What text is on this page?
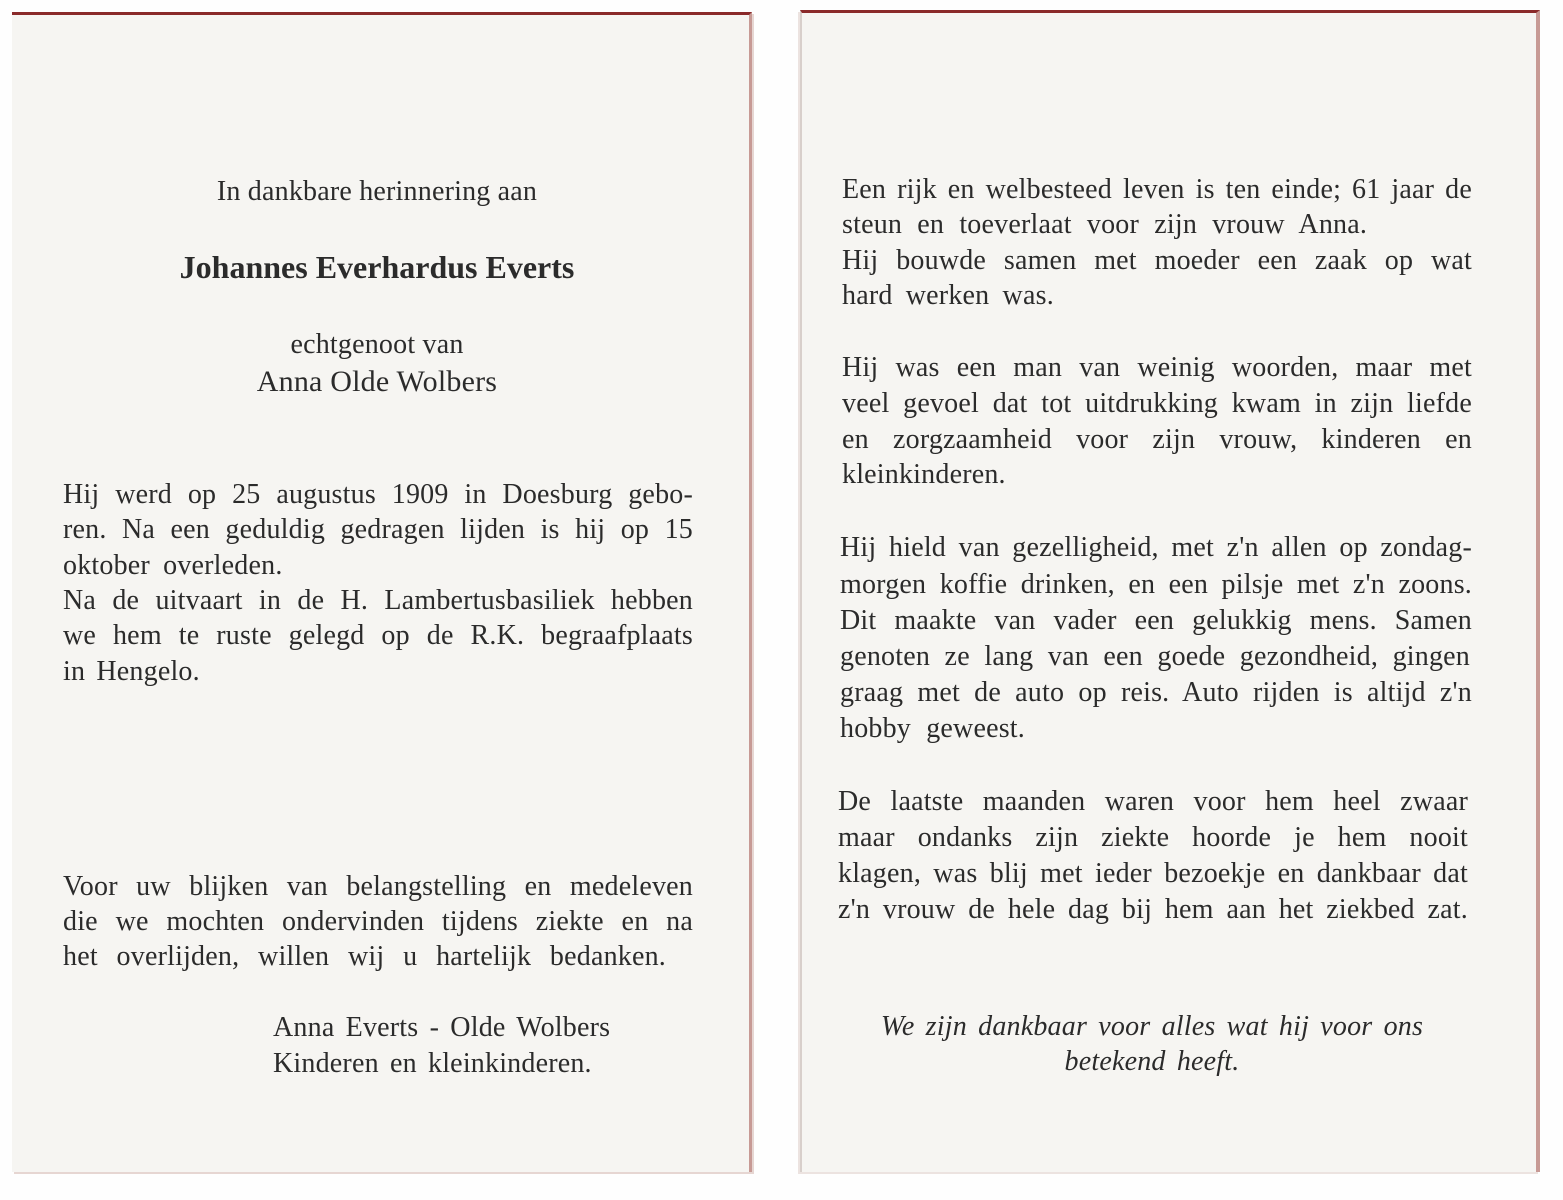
In dankbare herinnering aan
Johannes Everhardus Everts
echtgenoot van
Anna Olde Wolbers
Hij werd op 25 augustus 1909 in Doesburg gebo-
ren. Na een geduldig gedragen lijden is hij op 15
oktober overleden.
Na de uitvaart in de H. Lambertusbasiliek hebben
we hem te ruste gelegd op de R.K. begraafplaats
in Hengelo.
Voor uw blijken van belangstelling en medeleven
die we mochten ondervinden tijdens ziekte en na
het overlijden, willen wij u hartelijk bedanken.
Anna Everts - Olde Wolbers
Kinderen en kleinkinderen.
Een rijk en welbesteed leven is ten einde; 61 jaar de
steun en toeverlaat voor zijn vrouw Anna.
Hij bouwde samen met moeder een zaak op wat
hard werken was.
Hij was een man van weinig woorden, maar met
veel gevoel dat tot uitdrukking kwam in zijn liefde
en zorgzaamheid voor zijn vrouw, kinderen en
kleinkinderen.
Hij hield van gezelligheid, met z'n allen op zondag-
morgen koffie drinken, en een pilsje met z'n zoons.
Dit maakte van vader een gelukkig mens. Samen
genoten ze lang van een goede gezondheid, gingen
graag met de auto op reis. Auto rijden is altijd z'n
hobby geweest.
De laatste maanden waren voor hem heel zwaar
maar ondanks zijn ziekte hoorde je hem nooit
klagen, was blij met ieder bezoekje en dankbaar dat
z'n vrouw de hele dag bij hem aan het ziekbed zat.
We zijn dankbaar voor alles wat hij voor ons
betekend heeft.
